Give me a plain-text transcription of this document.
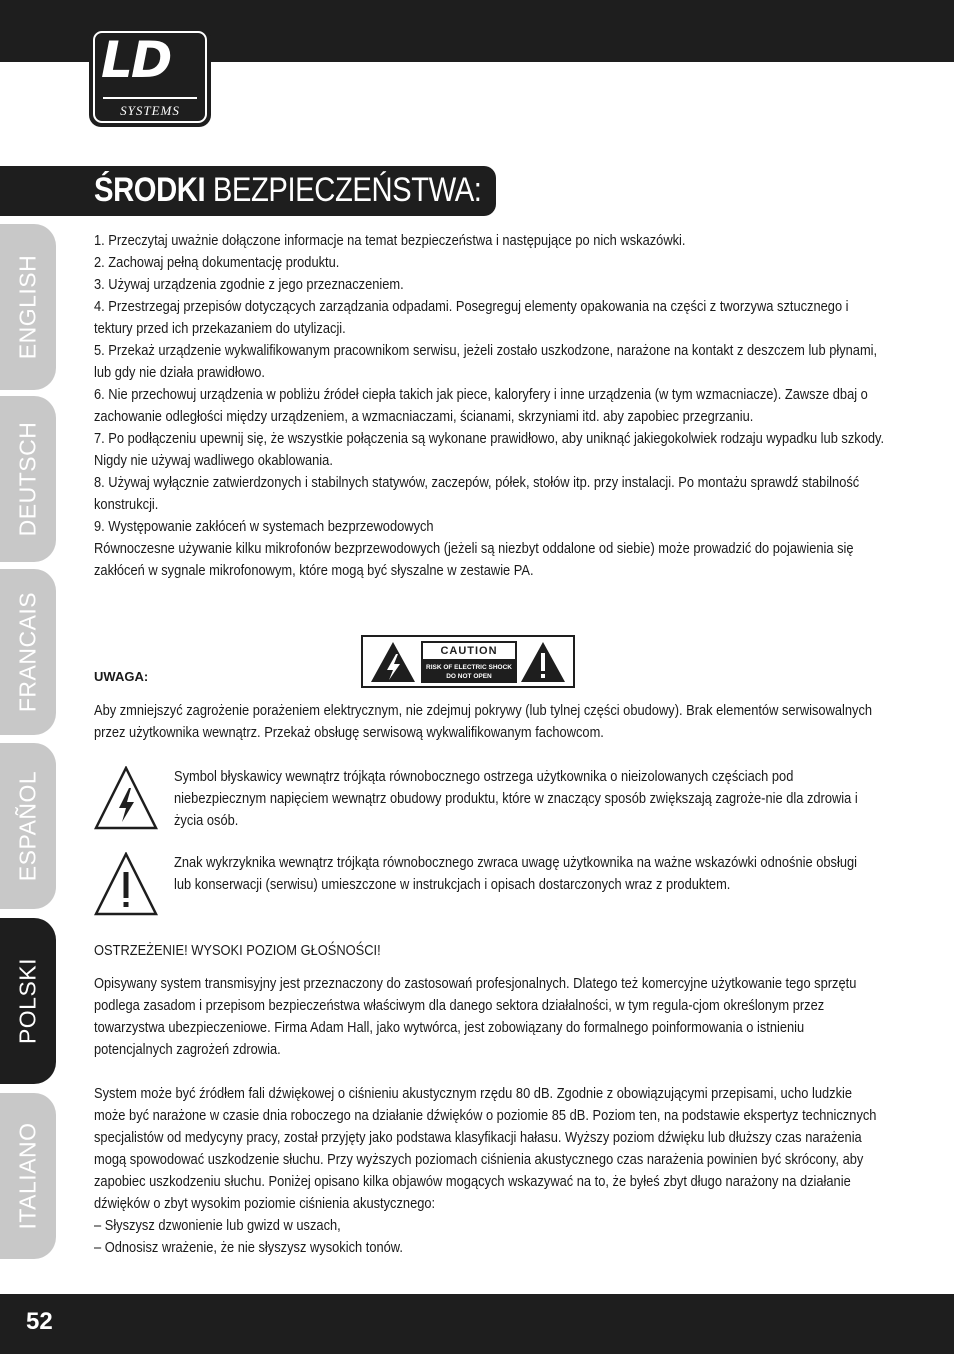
LD
SYSTEMS
ŚRODKI BEZPIECZEŃSTWA:
ENGLISH
DEUTSCH
FRANCAIS
ESPAÑOL
POLSKI
ITALIANO

1. Przeczytaj uważnie dołączone informacje na temat bezpieczeństwa i następujące po nich wskazówki.

2. Zachowaj pełną dokumentację produktu.

3. Używaj urządzenia zgodnie z jego przeznaczeniem.

4. Przestrzegaj przepisów dotyczących zarządzania odpadami. Posegreguj elementy opakowania na części z tworzywa sztucznego i tektury przed ich przekazaniem do utylizacji.

5. Przekaż urządzenie wykwalifikowanym pracownikom serwisu, jeżeli zostało uszkodzone, narażone na kontakt z deszczem lub płynami, lub gdy nie działa prawidłowo.

6. Nie przechowuj urządzenia w pobliżu źródeł ciepła takich jak piece, kaloryfery i inne urządzenia (w tym wzmacniacze). Zawsze dbaj o zachowanie odległości między urządzeniem, a wzmacniaczami, ścianami, skrzyniami itd. aby zapobiec przegrzaniu.

7. Po podłączeniu upewnij się, że wszystkie połączenia są wykonane prawidłowo, aby uniknąć jakiegokolwiek rodzaju wypadku lub szkody.

Nigdy nie używaj wadliwego okablowania.

8. Używaj wyłącznie zatwierdzonych i stabilnych statywów, zaczepów, półek, stołów itp. przy instalacji. Po montażu sprawdź stabilność konstrukcji.

9. Występowanie zakłóceń w systemach bezprzewodowych

Równoczesne używanie kilku mikrofonów bezprzewodowych (jeżeli są niezbyt oddalone od siebie) może prowadzić do pojawienia się zakłóceń w sygnale mikrofonowym, które mogą być słyszalne w zestawie PA.

UWAGA:
CAUTION
RISK OF ELECTRIC SHOCK
DO NOT OPEN

Aby zmniejszyć zagrożenie porażeniem elektrycznym, nie zdejmuj pokrywy (lub tylnej części obudowy). Brak elementów serwisowalnych przez użytkownika wewnątrz. Przekaż obsługę serwisową wykwalifikowanym fachowcom.

Symbol błyskawicy wewnątrz trójkąta równobocznego ostrzega użytkownika o nieizolowanych częściach pod niebezpiecznym napięciem wewnątrz obudowy produktu, które w znaczący sposób zwiększają zagroże-nie dla zdrowia i życia osób.

Znak wykrzyknika wewnątrz trójkąta równobocznego zwraca uwagę użytkownika na ważne wskazówki odnośnie obsługi lub konserwacji (serwisu) umieszczone w instrukcjach i opisach dostarczonych wraz z produktem.

OSTRZEŻENIE! WYSOKI POZIOM GŁOŚNOŚCI!

Opisywany system transmisyjny jest przeznaczony do zastosowań profesjonalnych. Dlatego też komercyjne użytkowanie tego sprzętu podlega zasadom i przepisom bezpieczeństwa właściwym dla danego sektora działalności, w tym regula-cjom określonym przez towarzystwa ubezpieczeniowe. Firma Adam Hall, jako wytwórca, jest zobowiązany do formalnego poinformowania o istnieniu potencjalnych zagrożeń zdrowia.

System może być źródłem fali dźwiękowej o ciśnieniu akustycznym rzędu 80 dB. Zgodnie z obowiązującymi przepisami, ucho ludzkie może być narażone w czasie dnia roboczego na działanie dźwięków o poziomie 85 dB. Poziom ten, na podstawie ekspertyz technicznych specjalistów od medycyny pracy, został przyjęty jako podstawa klasyfikacji hałasu. Wyższy poziom dźwięku lub dłuższy czas narażenia mogą spowodować uszkodzenie słuchu. Przy wyższych poziomach ciśnienia akustycznego czas narażenia powinien być skrócony, aby zapobiec uszkodzeniu słuchu. Poniżej opisano kilka objawów mogących wskazywać na to, że byłeś zbyt długo narażony na działanie dźwięków o zbyt wysokim poziomie ciśnienia akustycznego:

– Słyszysz dzwonienie lub gwizd w uszach,

– Odnosisz wrażenie, że nie słyszysz wysokich tonów.

52
